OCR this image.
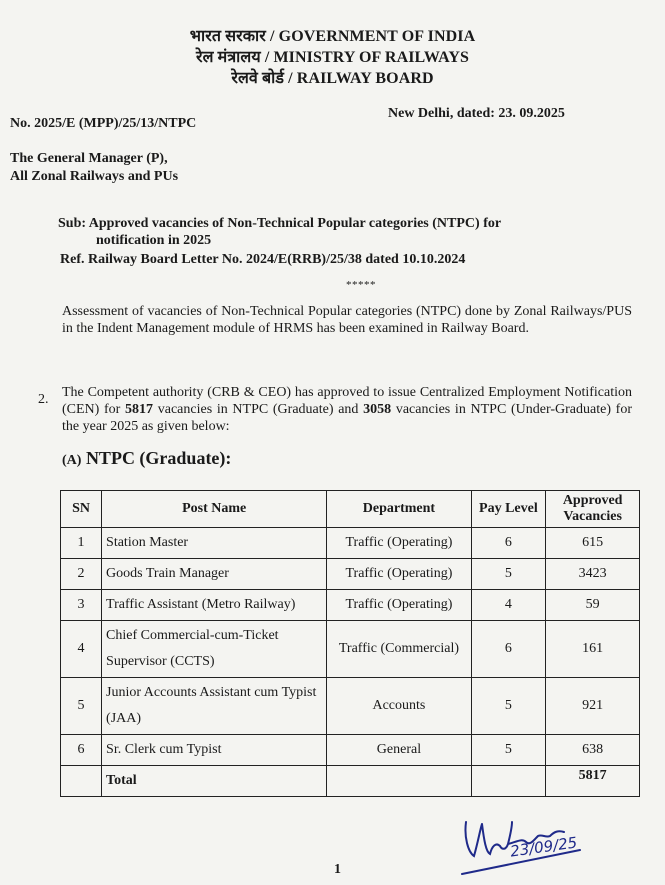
भारत सरकार / GOVERNMENT OF INDIA
रेल मंत्रालय / MINISTRY OF RAILWAYS
रेलवे बोर्ड / RAILWAY BOARD
No. 2025/E (MPP)/25/13/NTPC
New Delhi, dated: 23. 09.2025
The General Manager (P),
All Zonal Railways and PUs
Sub: Approved vacancies of Non-Technical Popular categories (NTPC) for
notification in 2025
Ref. Railway Board Letter No. 2024/E(RRB)/25/38 dated 10.10.2024
*****
Assessment of vacancies of Non-Technical Popular categories (NTPC) done by Zonal Railways/PUS in the Indent Management module of HRMS has been examined in Railway Board.
2. The Competent authority (CRB & CEO) has approved to issue Centralized Employment Notification (CEN) for 5817 vacancies in NTPC (Graduate) and 3058 vacancies in NTPC (Under-Graduate) for the year 2025 as given below:
(A) NTPC (Graduate):
SN	Post Name	Department	Pay Level	Approved Vacancies
1	Station Master	Traffic (Operating)	6	615
2	Goods Train Manager	Traffic (Operating)	5	3423
3	Traffic Assistant (Metro Railway)	Traffic (Operating)	4	59
4	Chief Commercial-cum-Ticket Supervisor (CCTS)	Traffic (Commercial)	6	161
5	Junior Accounts Assistant cum Typist (JAA)	Accounts	5	921
6	Sr. Clerk cum Typist	General	5	638
	Total			5817
23/09/25
1
